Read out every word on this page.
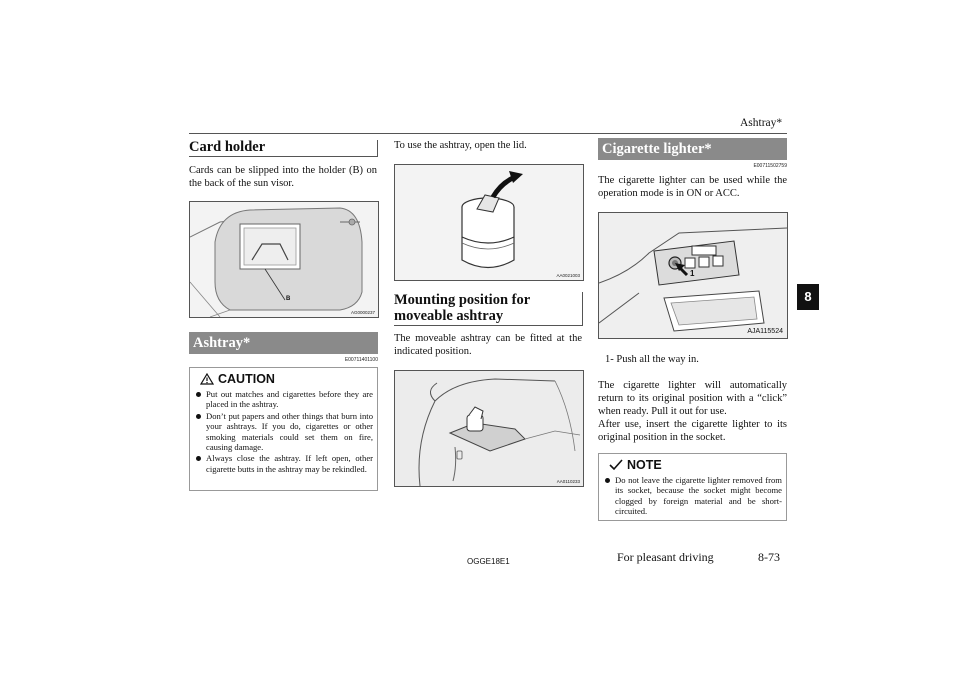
Ashtray*
8
Card holder
Cards can be slipped into the holder (B) on the back of the sun visor.
B
AG0000237
Ashtray*
E00711401100
CAUTION
Put out matches and cigarettes before they are placed in the ashtray.
Don’t put papers and other things that burn into your ashtrays. If you do, cigarettes or other smoking materials could set them on fire, causing damage.
Always close the ashtray. If left open, other cigarette butts in the ashtray may be rekindled.
To use the ashtray, open the lid.
AA0021003
Mounting position for moveable ashtray
The moveable ashtray can be fitted at the indicated position.
AA0110233
Cigarette lighter*
E00711502759
The cigarette lighter can be used while the operation mode is in ON or ACC.
1
AJA115524
1- Push all the way in.
The cigarette lighter will automatically return to its original position with a “click” when ready. Pull it out for use.
After use, insert the cigarette lighter to its original position in the socket.
NOTE
Do not leave the cigarette lighter removed from its socket, because the socket might become clogged by foreign material and be short-circuited.
OGGE18E1	For pleasant driving	8-73
